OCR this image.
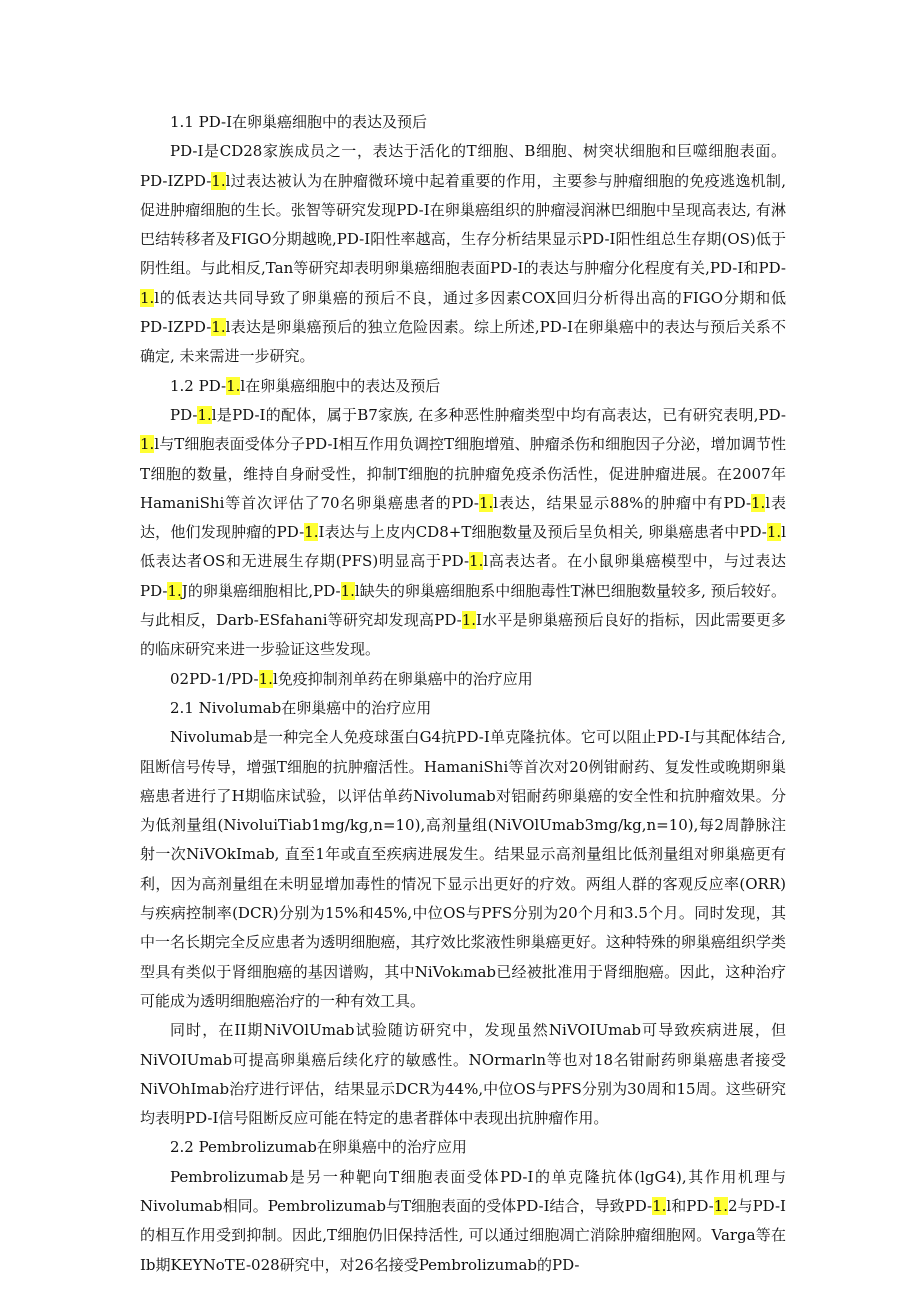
1.1 PD-I在卵巢癌细胞中的表达及预后

PD-I是CD28家族成员之一，表达于活化的T细胞、B细胞、树突状细胞和巨噬细胞表面。PD-IZPD-1.l过表达被认为在肿瘤微环境中起着重要的作用，主要参与肿瘤细胞的免疫逃逸机制, 促进肿瘤细胞的生长。张智等研究发现PD-I在卵巢癌组织的肿瘤浸润淋巴细胞中呈现高表达, 有淋巴结转移者及FIGO分期越晚,PD-I阳性率越高，生存分析结果显示PD-I阳性组总生存期(OS)低于阴性组。与此相反,Tan等研究却表明卵巢癌细胞表面PD-I的表达与肿瘤分化程度有关,PD-I和PD-1.l的低表达共同导致了卵巢癌的预后不良，通过多因素COX回归分析得出高的FIGO分期和低PD-IZPD-1.l表达是卵巢癌预后的独立危险因素。综上所述,PD-I在卵巢癌中的表达与预后关系不确定, 未来需进一步研究。

1.2 PD-1.l在卵巢癌细胞中的表达及预后

PD-1.l是PD-I的配体，属于B7家族, 在多种恶性肿瘤类型中均有高表达，已有研究表明,PD-1.l与T细胞表面受体分子PD-I相互作用负调控T细胞增殖、肿瘤杀伤和细胞因子分泌，增加调节性T细胞的数量，维持自身耐受性，抑制T细胞的抗肿瘤免疫杀伤活性，促进肿瘤进展。在2007年HamaniShi等首次评估了70名卵巢癌患者的PD-1.l表达，结果显示88%的肿瘤中有PD-1.l表达，他们发现肿瘤的PD-1.I表达与上皮内CD8+T细胞数量及预后呈负相关, 卵巢癌患者中PD-1.l低表达者OS和无进展生存期(PFS)明显高于PD-1.l高表达者。在小鼠卵巢癌模型中，与过表达PD-1.J的卵巢癌细胞相比,PD-1.l缺失的卵巢癌细胞系中细胞毒性T淋巴细胞数量较多, 预后较好。与此相反，Darb-ESfahani等研究却发现高PD-1.I水平是卵巢癌预后良好的指标，因此需要更多的临床研究来进一步验证这些发现。

02PD-1/PD-1.l免疫抑制剂单药在卵巢癌中的治疗应用

2.1 Nivolumab在卵巢癌中的治疗应用

Nivolumab是一种完全人免疫球蛋白G4抗PD-I单克隆抗体。它可以阻止PD-I与其配体结合, 阻断信号传导，增强T细胞的抗肿瘤活性。HamaniShi等首次对20例钳耐药、复发性或晚期卵巢癌患者进行了H期临床试验，以评估单药Nivolumab对铝耐药卵巢癌的安全性和抗肿瘤效果。分为低剂量组(NivoluiTiab1mg∕kg,n=10),高剂量组(NiVOlUmab3mg∕kg,n=10),每2周静脉注射一次NiVOkImab, 直至1年或直至疾病进展发生。结果显示高剂量组比低剂量组对卵巢癌更有利，因为高剂量组在未明显增加毒性的情况下显示出更好的疗效。两组人群的客观反应率(ORR)与疾病控制率(DCR)分别为15%和45%,中位OS与PFS分别为20个月和3.5个月。同时发现，其中一名长期完全反应患者为透明细胞癌，其疗效比浆液性卵巢癌更好。这种特殊的卵巢癌组织学类型具有类似于肾细胞癌的基因谱购，其中NiVokᵢmab已经被批准用于肾细胞癌。因此，这种治疗可能成为透明细胞癌治疗的一种有效工具。

同时，在II期NiVOlUmab试验随访研究中，发现虽然NiVOIUmab可导致疾病进展，但NiVOIUmab可提高卵巢癌后续化疗的敏感性。NOrmarln等也对18名钳耐药卵巢癌患者接受NiVOhImab治疗进行评估，结果显示DCR为44%,中位OS与PFS分别为30周和15周。这些研究均表明PD-I信号阻断反应可能在特定的患者群体中表现出抗肿瘤作用。

2.2 Pembrolizumab在卵巢癌中的治疗应用

Pembrolizumab是另一种靶向T细胞表面受体PD-I的单克隆抗体(lgG4),其作用机理与Nivolumab相同。Pembrolizumab与T细胞表面的受体PD-I结合，导致PD-1.l和PD-1.2与PD-I的相互作用受到抑制。因此,T细胞仍旧保持活性, 可以通过细胞凋亡消除肿瘤细胞网。Varga等在Ib期KEYNoTE-028研究中，对26名接受Pembrolizumab的PD-
